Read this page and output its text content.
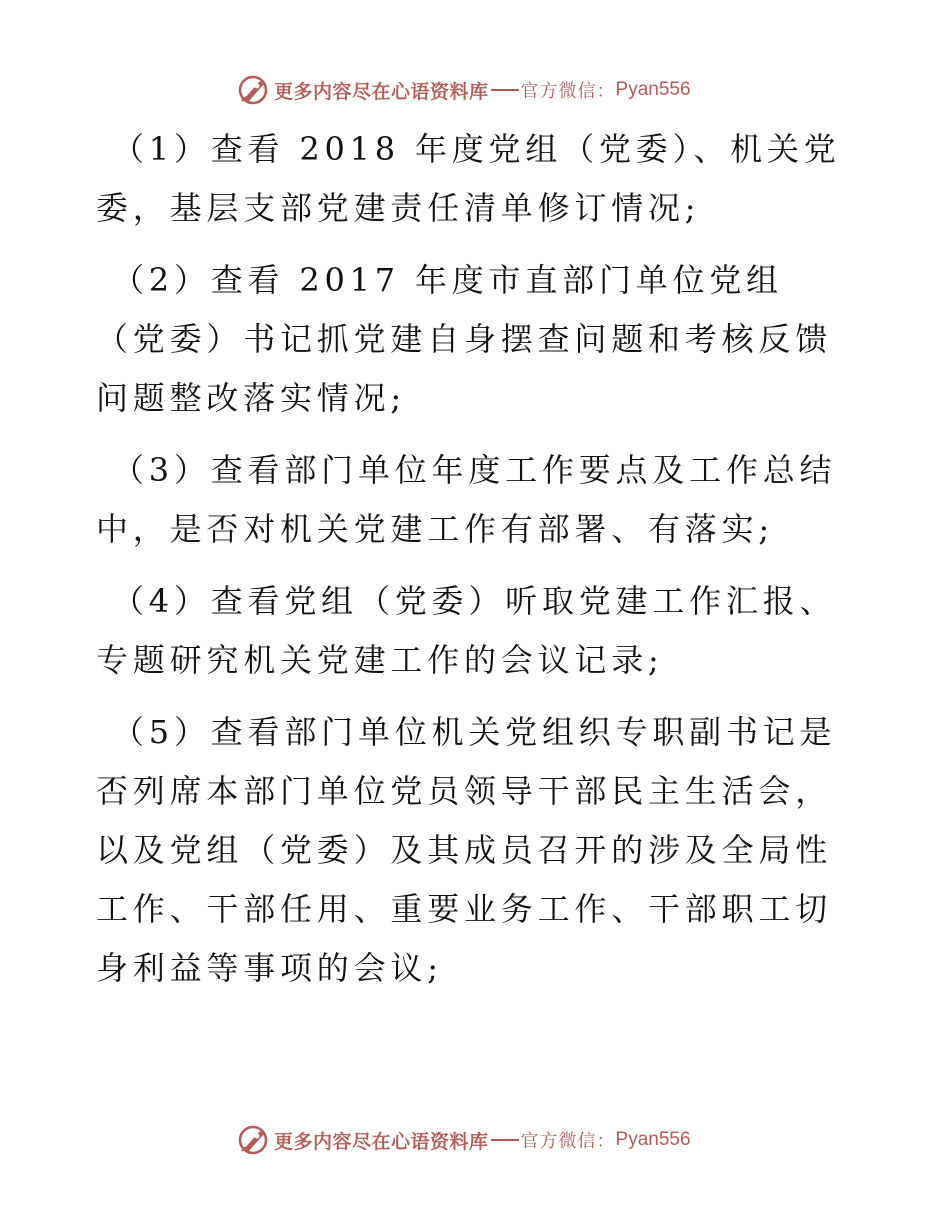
更多内容尽在心语资料库 官方微信： Pyan556

（1）查看 2018 年度党组（党委）、机关党委，基层支部党建责任清单修订情况;

（2）查看 2017 年度市直部门单位党组（党委）书记抓党建自身摆查问题和考核反馈问题整改落实情况;

（3）查看部门单位年度工作要点及工作总结中，是否对机关党建工作有部署、有落实;

（4）查看党组（党委）听取党建工作汇报、专题研究机关党建工作的会议记录;

（5）查看部门单位机关党组织专职副书记是否列席本部门单位党员领导干部民主生活会，以及党组（党委）及其成员召开的涉及全局性工作、干部任用、重要业务工作、干部职工切身利益等事项的会议;

更多内容尽在心语资料库 官方微信： Pyan556
